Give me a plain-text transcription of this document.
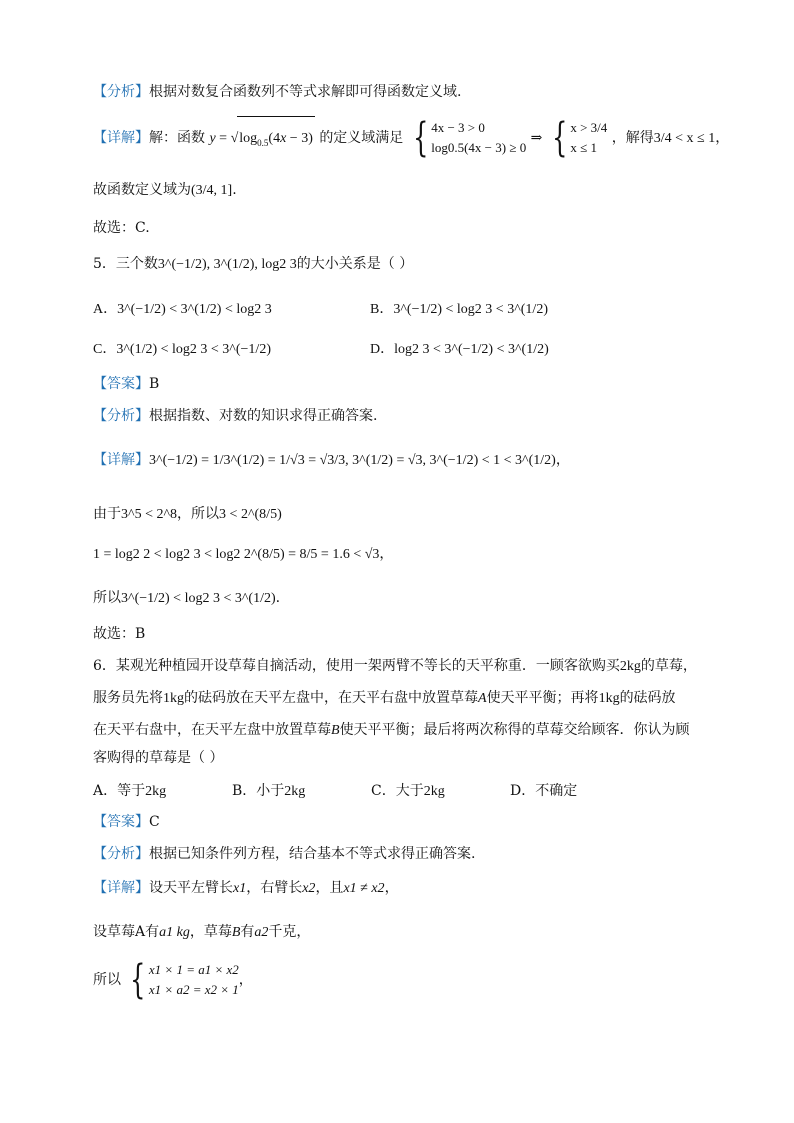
【分析】根据对数复合函数列不等式求解即可得函数定义域.
【详解】解：函数 $y = √\log_{0.5}(4x - 3)$ 的定义域满足 { 4x − 3 > 0
log0.5(4x − 3) ≥ 0
⇒ { x > 3/4
x ≤ 1
，解得3/4 < x ≤ 1，
故函数定义域为(3/4, 1].
故选：C.
5．三个数3^(−1/2), 3^(1/2), log2 3的大小关系是（ ）
A．3^(−1/2) < 3^(1/2) < log2 3	B．3^(−1/2) < log2 3 < 3^(1/2)
C．3^(1/2) < log2 3 < 3^(−1/2)	D．log2 3 < 3^(−1/2) < 3^(1/2)
【答案】B
【分析】根据指数、对数的知识求得正确答案.
【详解】3^(−1/2) = 1/3^(1/2) = 1/√3 = √3/3, 3^(1/2) = √3, 3^(−1/2) < 1 < 3^(1/2)，
由于3^5 < 2^8，所以3 < 2^(8/5)
1 = log2 2 < log2 3 < log2 2^(8/5) = 8/5 = 1.6 < √3，
所以3^(−1/2) < log2 3 < 3^(1/2).
故选：B
6．某观光种植园开设草莓自摘活动，使用一架两臂不等长的天平称重．一顾客欲购买2kg的草莓，
服务员先将1kg的砝码放在天平左盘中，在天平右盘中放置草莓A使天平平衡；再将1kg的砝码放
在天平右盘中，在天平左盘中放置草莓B使天平平衡；最后将两次称得的草莓交给顾客．你认为顾
客购得的草莓是（ ）
A．等于2kg	B．小于2kg	C．大于2kg	D．不确定
【答案】C
【分析】根据已知条件列方程，结合基本不等式求得正确答案.
【详解】设天平左臂长x1，右臂长x2，且x1 ≠ x2，
设草莓A有a1 kg，草莓B有a2千克，
所以 { x1 × 1 = a1 × x2
x1 × a2 = x2 × 1
，
